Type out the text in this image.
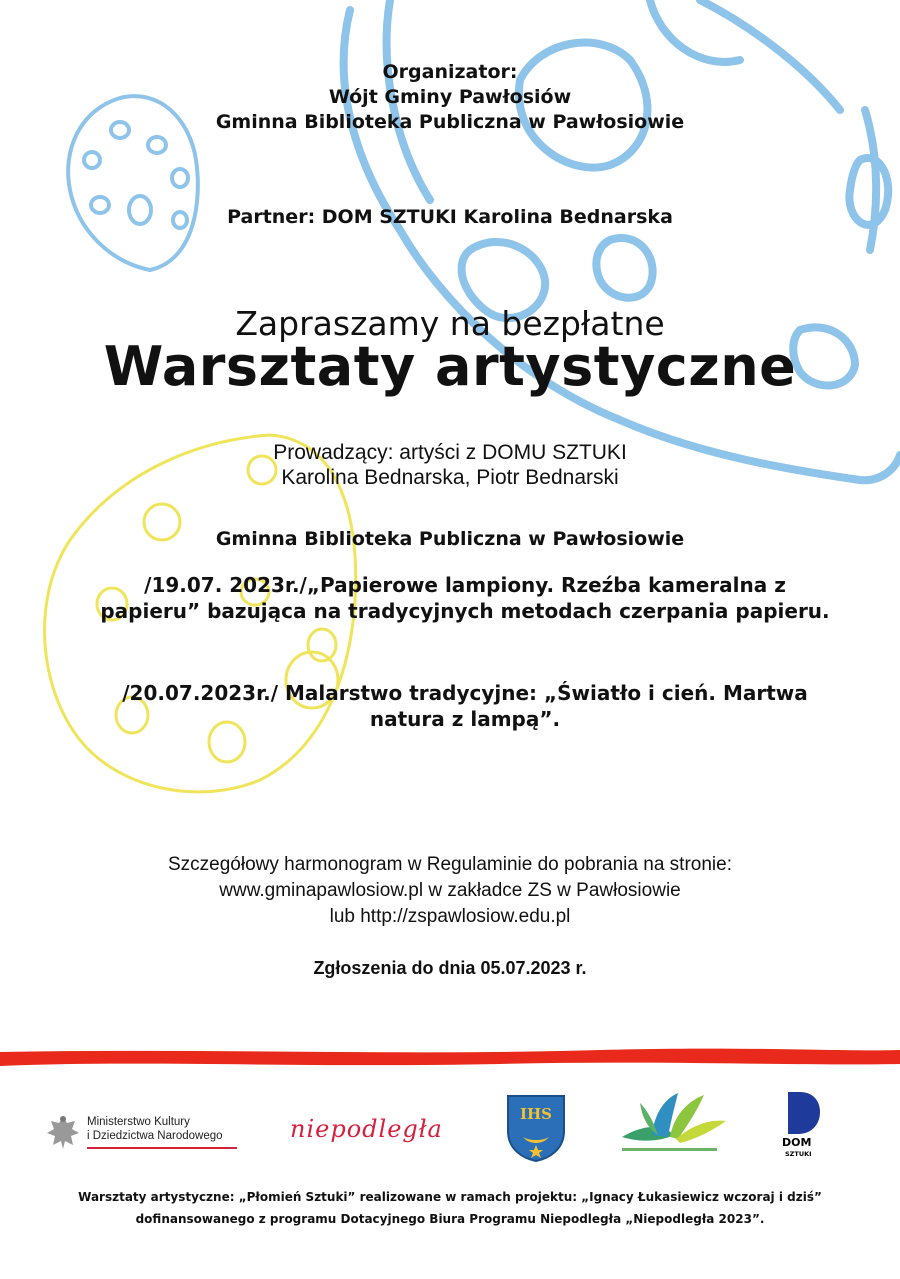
Organizator:
Wójt Gminy Pawłosiów
Gminna Biblioteka Publiczna w Pawłosiowie
Partner: DOM SZTUKI Karolina Bednarska
Zapraszamy na bezpłatne
Warsztaty artystyczne
Prowadzący: artyści z DOMU SZTUKI
Karolina Bednarska, Piotr Bednarski
Gminna Biblioteka Publiczna w Pawłosiowie
/19.07. 2023r./„Papierowe lampiony. Rzeźba kameralna z papieru” bazująca na tradycyjnych metodach czerpania papieru.
/20.07.2023r./ Malarstwo tradycyjne: „Światło i cień. Martwa natura z lampą”.
Szczegółowy harmonogram w Regulaminie do pobrania na stronie:
www.gminapawlosiow.pl w zakładce ZS w Pawłosiowie
lub http://zspawlosiow.edu.pl
Zgłoszenia do dnia 05.07.2023 r.
Ministerstwo Kultury
i Dziedzictwa Narodowego	niepodległa
IHS
DOM
SZTUKI
Warsztaty artystyczne: „Płomień Sztuki” realizowane w ramach projektu: „Ignacy Łukasiewicz wczoraj i dziś”
dofinansowanego z programu Dotacyjnego Biura Programu Niepodległa „Niepodległa 2023”.
